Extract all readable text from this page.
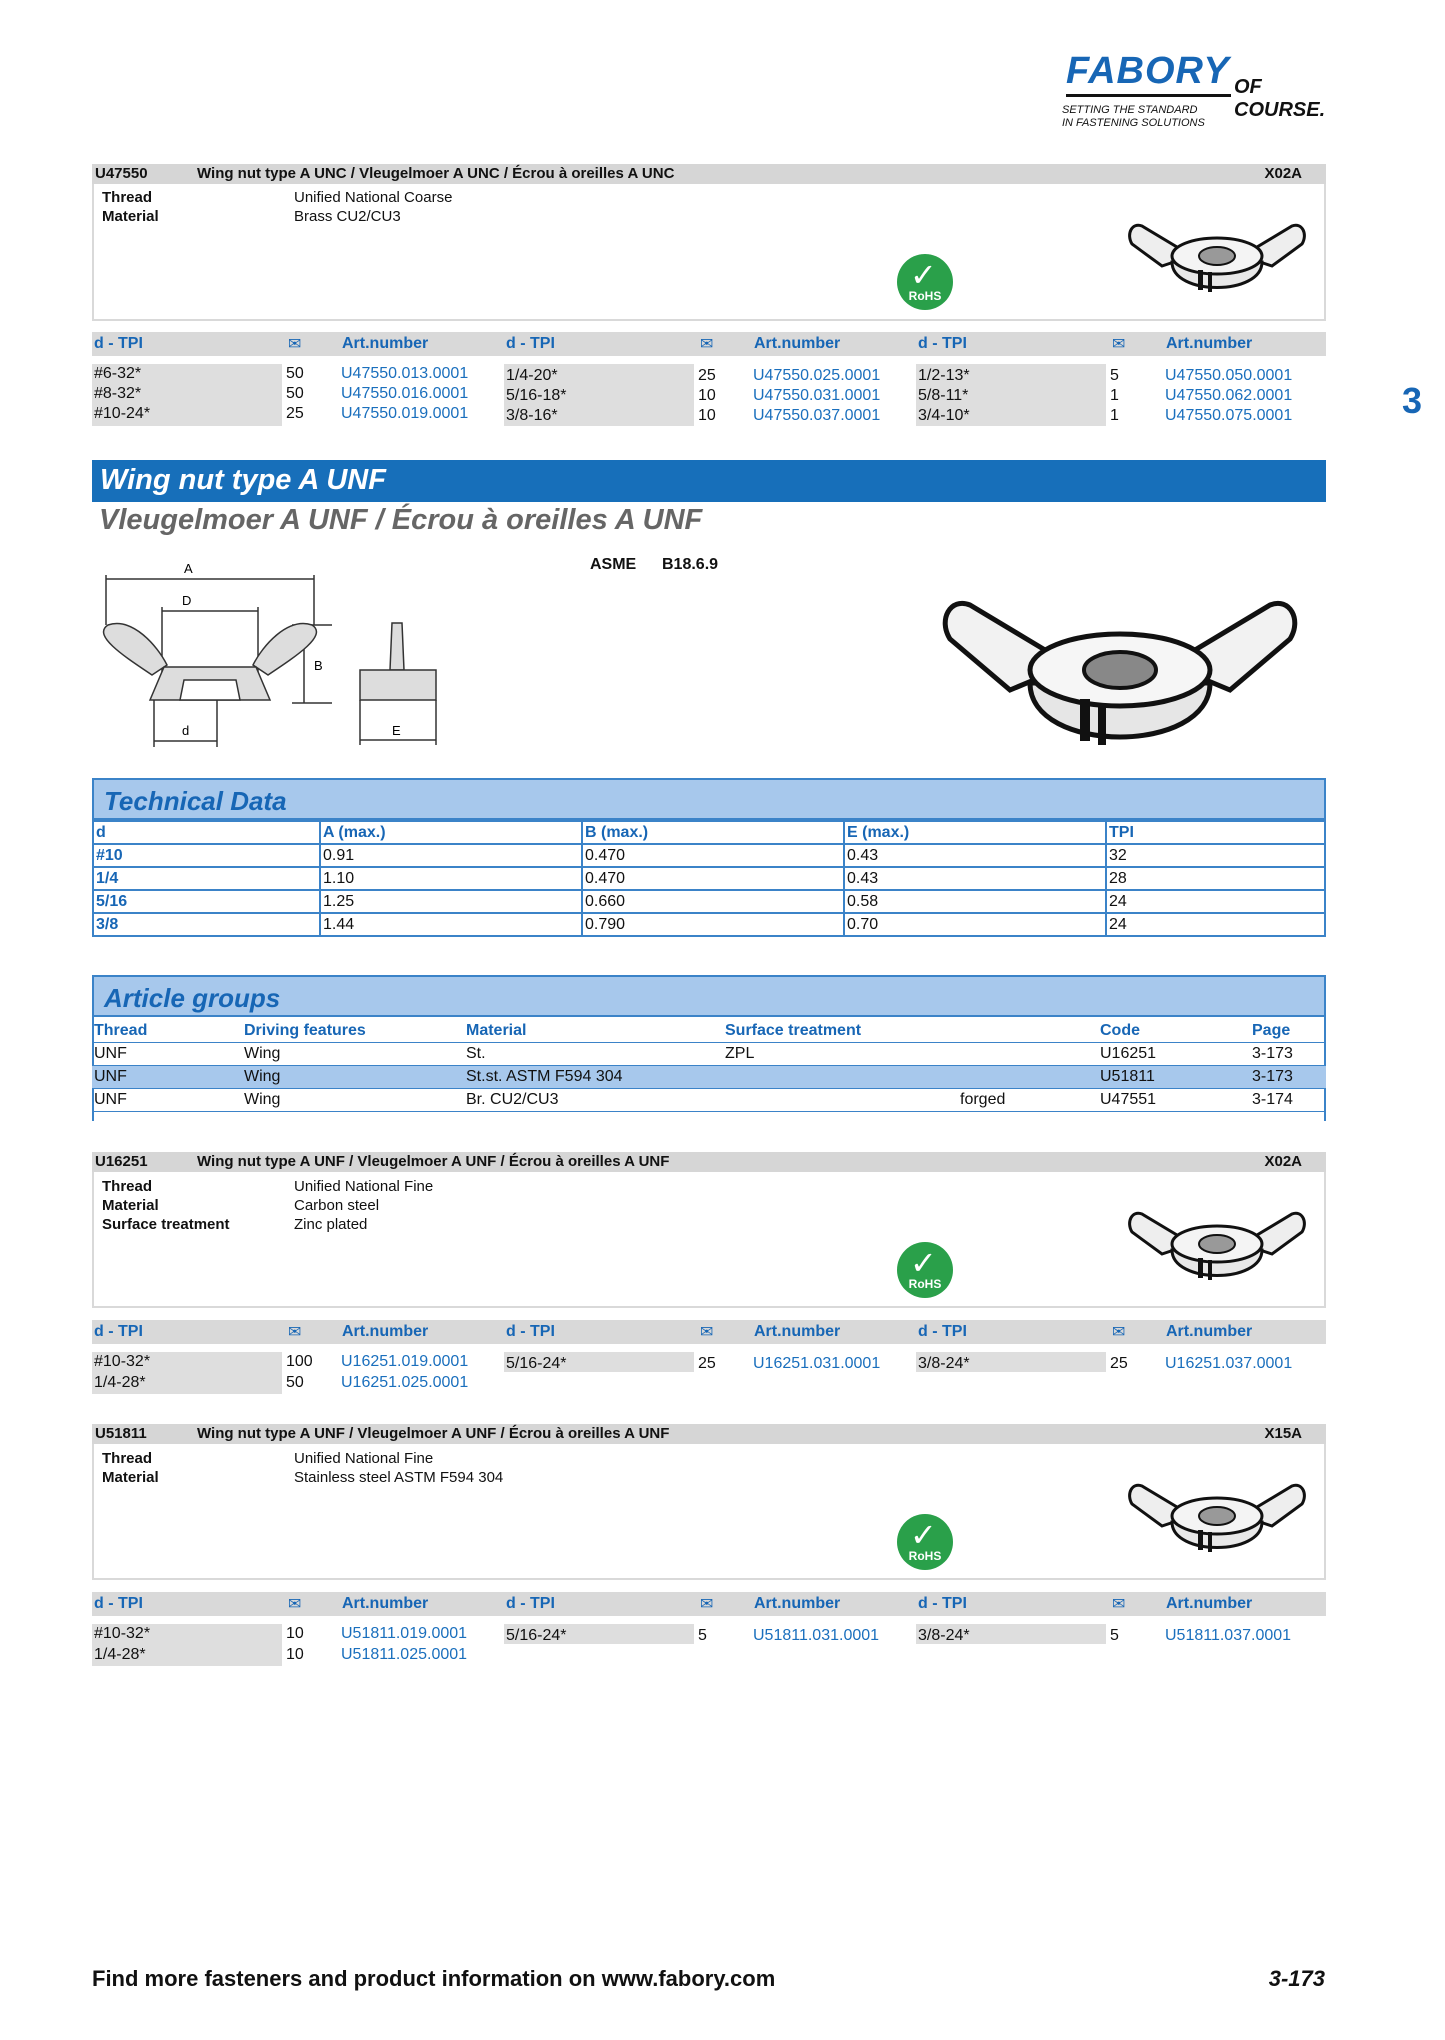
FABORY OF COURSE.
SETTING THE STANDARD
IN FASTENING SOLUTIONS
3
U47550	Wing nut type A UNC / Vleugelmoer A UNC / Écrou à oreilles A UNC	X02A
Thread	Unified National Coarse
Material	Brass CU2/CU3
✓
RoHS
d - TPI	✉	Art.number	d - TPI	✉	Art.number	d - TPI	✉	Art.number
#6-32*	50 U47550.013.0001 1/4-20*	25 U47550.025.0001 1/2-13*	5	U47550.050.0001
#8-32*	50 U47550.016.0001 5/16-18*	10 U47550.031.0001 5/8-11*	1	U47550.062.0001
#10-24*	25 U47550.019.0001 3/8-16*	10 U47550.037.0001 3/4-10*	1	U47550.075.0001
Wing nut type A UNF
Vleugelmoer A UNF / Écrou à oreilles A UNF
A
D
B
d	E
ASME B18.6.9
Technical Data
d	A (max.)	B (max.)	E (max.)	TPI
#10	0.91	0.470	0.43	32
1/4	1.10	0.470	0.43	28
5/16	1.25	0.660	0.58	24
3/8	1.44	0.790	0.70	24
Article groups
Thread	Driving features	Material	Surface treatment		Code	Page
UNF	Wing	St.	ZPL		U16251	3-173
UNF	Wing	St.st. ASTM F594 304			U51811	3-173
UNF	Wing	Br. CU2/CU3		forged	U47551	3-174
U16251	Wing nut type A UNF / Vleugelmoer A UNF / Écrou à oreilles A UNF	X02A
Thread	Unified National Fine
Material	Carbon steel
Surface treatment	Zinc plated
✓
RoHS
d - TPI	✉	Art.number	d - TPI	✉	Art.number	d - TPI	✉	Art.number
#10-32*	100 U16251.019.0001 5/16-24*	25 U16251.031.0001 3/8-24*	25 U16251.037.0001
1/4-28*	50 U16251.025.0001
U51811	Wing nut type A UNF / Vleugelmoer A UNF / Écrou à oreilles A UNF	X15A
Thread	Unified National Fine
Material	Stainless steel ASTM F594 304
✓
RoHS
d - TPI	✉	Art.number	d - TPI	✉	Art.number	d - TPI	✉	Art.number
#10-32*	10 U51811.019.0001 5/16-24*	5	U51811.031.0001 3/8-24*	5	U51811.037.0001
1/4-28*	10 U51811.025.0001
Find more fasteners and product information on www.fabory.com	3-173
